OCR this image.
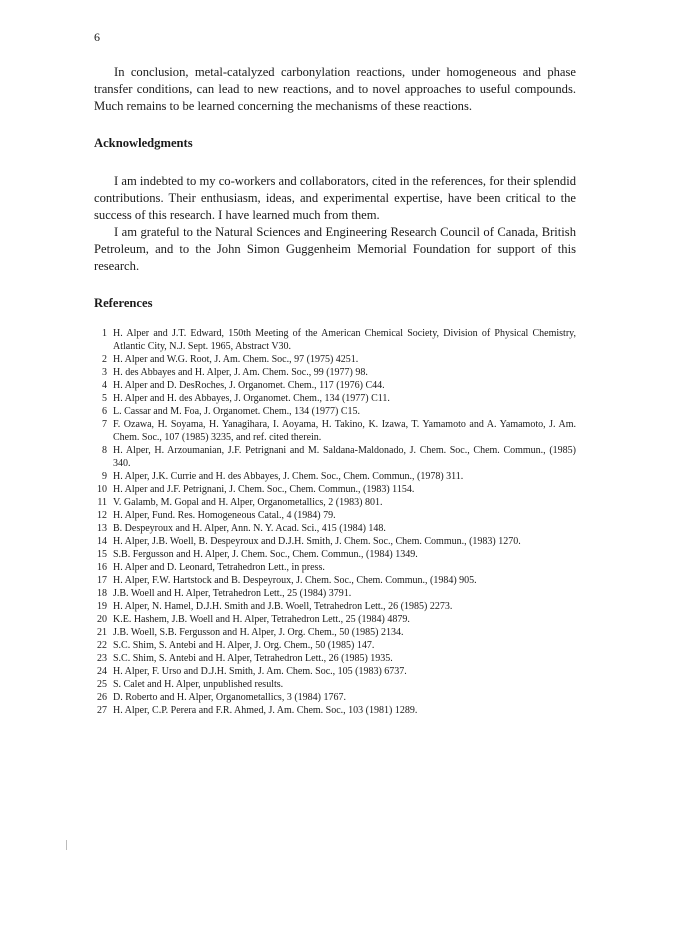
6

In conclusion, metal-catalyzed carbonylation reactions, under homogeneous and phase transfer conditions, can lead to new reactions, and to novel approaches to useful compounds. Much remains to be learned concerning the mechanisms of these reactions.

Acknowledgments

I am indebted to my co-workers and collaborators, cited in the references, for their splendid contributions. Their enthusiasm, ideas, and experimental expertise, have been critical to the success of this research. I have learned much from them.

I am grateful to the Natural Sciences and Engineering Research Council of Canada, British Petroleum, and to the John Simon Guggenheim Memorial Foundation for support of this research.

References
1 H. Alper and J.T. Edward, 150th Meeting of the American Chemical Society, Division of Physical Chemistry, Atlantic City, N.J. Sept. 1965, Abstract V30.
2 H. Alper and W.G. Root, J. Am. Chem. Soc., 97 (1975) 4251.
3 H. des Abbayes and H. Alper, J. Am. Chem. Soc., 99 (1977) 98.
4 H. Alper and D. DesRoches, J. Organomet. Chem., 117 (1976) C44.
5 H. Alper and H. des Abbayes, J. Organomet. Chem., 134 (1977) C11.
6 L. Cassar and M. Foa, J. Organomet. Chem., 134 (1977) C15.
7 F. Ozawa, H. Soyama, H. Yanagihara, I. Aoyama, H. Takino, K. Izawa, T. Yamamoto and A. Yamamoto, J. Am. Chem. Soc., 107 (1985) 3235, and ref. cited therein.
8 H. Alper, H. Arzoumanian, J.F. Petrignani and M. Saldana-Maldonado, J. Chem. Soc., Chem. Commun., (1985) 340.
9 H. Alper, J.K. Currie and H. des Abbayes, J. Chem. Soc., Chem. Commun., (1978) 311.
10 H. Alper and J.F. Petrignani, J. Chem. Soc., Chem. Commun., (1983) 1154.
11 V. Galamb, M. Gopal and H. Alper, Organometallics, 2 (1983) 801.
12 H. Alper, Fund. Res. Homogeneous Catal., 4 (1984) 79.
13 B. Despeyroux and H. Alper, Ann. N. Y. Acad. Sci., 415 (1984) 148.
14 H. Alper, J.B. Woell, B. Despeyroux and D.J.H. Smith, J. Chem. Soc., Chem. Commun., (1983) 1270.
15 S.B. Fergusson and H. Alper, J. Chem. Soc., Chem. Commun., (1984) 1349.
16 H. Alper and D. Leonard, Tetrahedron Lett., in press.
17 H. Alper, F.W. Hartstock and B. Despeyroux, J. Chem. Soc., Chem. Commun., (1984) 905.
18 J.B. Woell and H. Alper, Tetrahedron Lett., 25 (1984) 3791.
19 H. Alper, N. Hamel, D.J.H. Smith and J.B. Woell, Tetrahedron Lett., 26 (1985) 2273.
20 K.E. Hashem, J.B. Woell and H. Alper, Tetrahedron Lett., 25 (1984) 4879.
21 J.B. Woell, S.B. Fergusson and H. Alper, J. Org. Chem., 50 (1985) 2134.
22 S.C. Shim, S. Antebi and H. Alper, J. Org. Chem., 50 (1985) 147.
23 S.C. Shim, S. Antebi and H. Alper, Tetrahedron Lett., 26 (1985) 1935.
24 H. Alper, F. Urso and D.J.H. Smith, J. Am. Chem. Soc., 105 (1983) 6737.
25 S. Calet and H. Alper, unpublished results.
26 D. Roberto and H. Alper, Organometallics, 3 (1984) 1767.
27 H. Alper, C.P. Perera and F.R. Ahmed, J. Am. Chem. Soc., 103 (1981) 1289.
